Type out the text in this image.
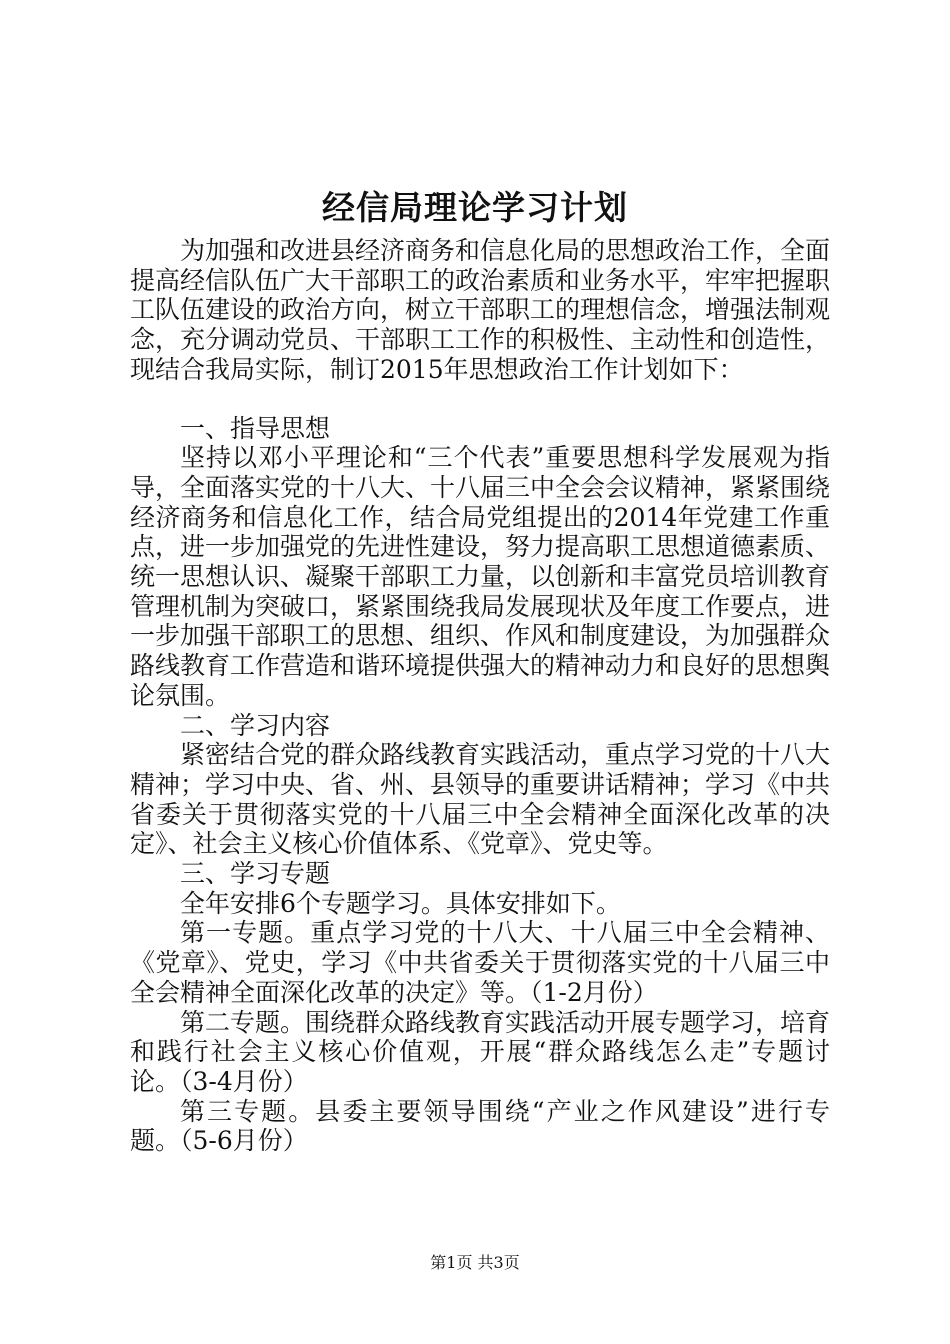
经信局理论学习计划

为加强和改进县经济商务和信息化局的思想政治工作，全面提高经信队伍广大干部职工的政治素质和业务水平，牢牢把握职工队伍建设的政治方向，树立干部职工的理想信念，增强法制观念，充分调动党员、干部职工工作的积极性、主动性和创造性，现结合我局实际，制订2015年思想政治工作计划如下：

一、指导思想

坚持以邓小平理论和“三个代表”重要思想科学发展观为指导，全面落实党的十八大、十八届三中全会会议精神，紧紧围绕经济商务和信息化工作，结合局党组提出的2014年党建工作重点，进一步加强党的先进性建设，努力提高职工思想道德素质、统一思想认识、凝聚干部职工力量，以创新和丰富党员培训教育管理机制为突破口，紧紧围绕我局发展现状及年度工作要点，进一步加强干部职工的思想、组织、作风和制度建设，为加强群众路线教育工作营造和谐环境提供强大的精神动力和良好的思想舆论氛围。

二、学习内容

紧密结合党的群众路线教育实践活动，重点学习党的十八大精神；学习中央、省、州、县领导的重要讲话精神；学习《中共省委关于贯彻落实党的十八届三中全会精神全面深化改革的决定》、社会主义核心价值体系、《党章》、党史等。

三、学习专题

全年安排6个专题学习。具体安排如下。

第一专题。重点学习党的十八大、十八届三中全会精神、《党章》、党史，学习《中共省委关于贯彻落实党的十八届三中全会精神全面深化改革的决定》等。（1-2月份）

第二专题。围绕群众路线教育实践活动开展专题学习，培育和践行社会主义核心价值观，开展“群众路线怎么走”专题讨论。（3-4月份）

第三专题。县委主要领导围绕“产业之作风建设”进行专题。（5-6月份）

第1页 共3页
